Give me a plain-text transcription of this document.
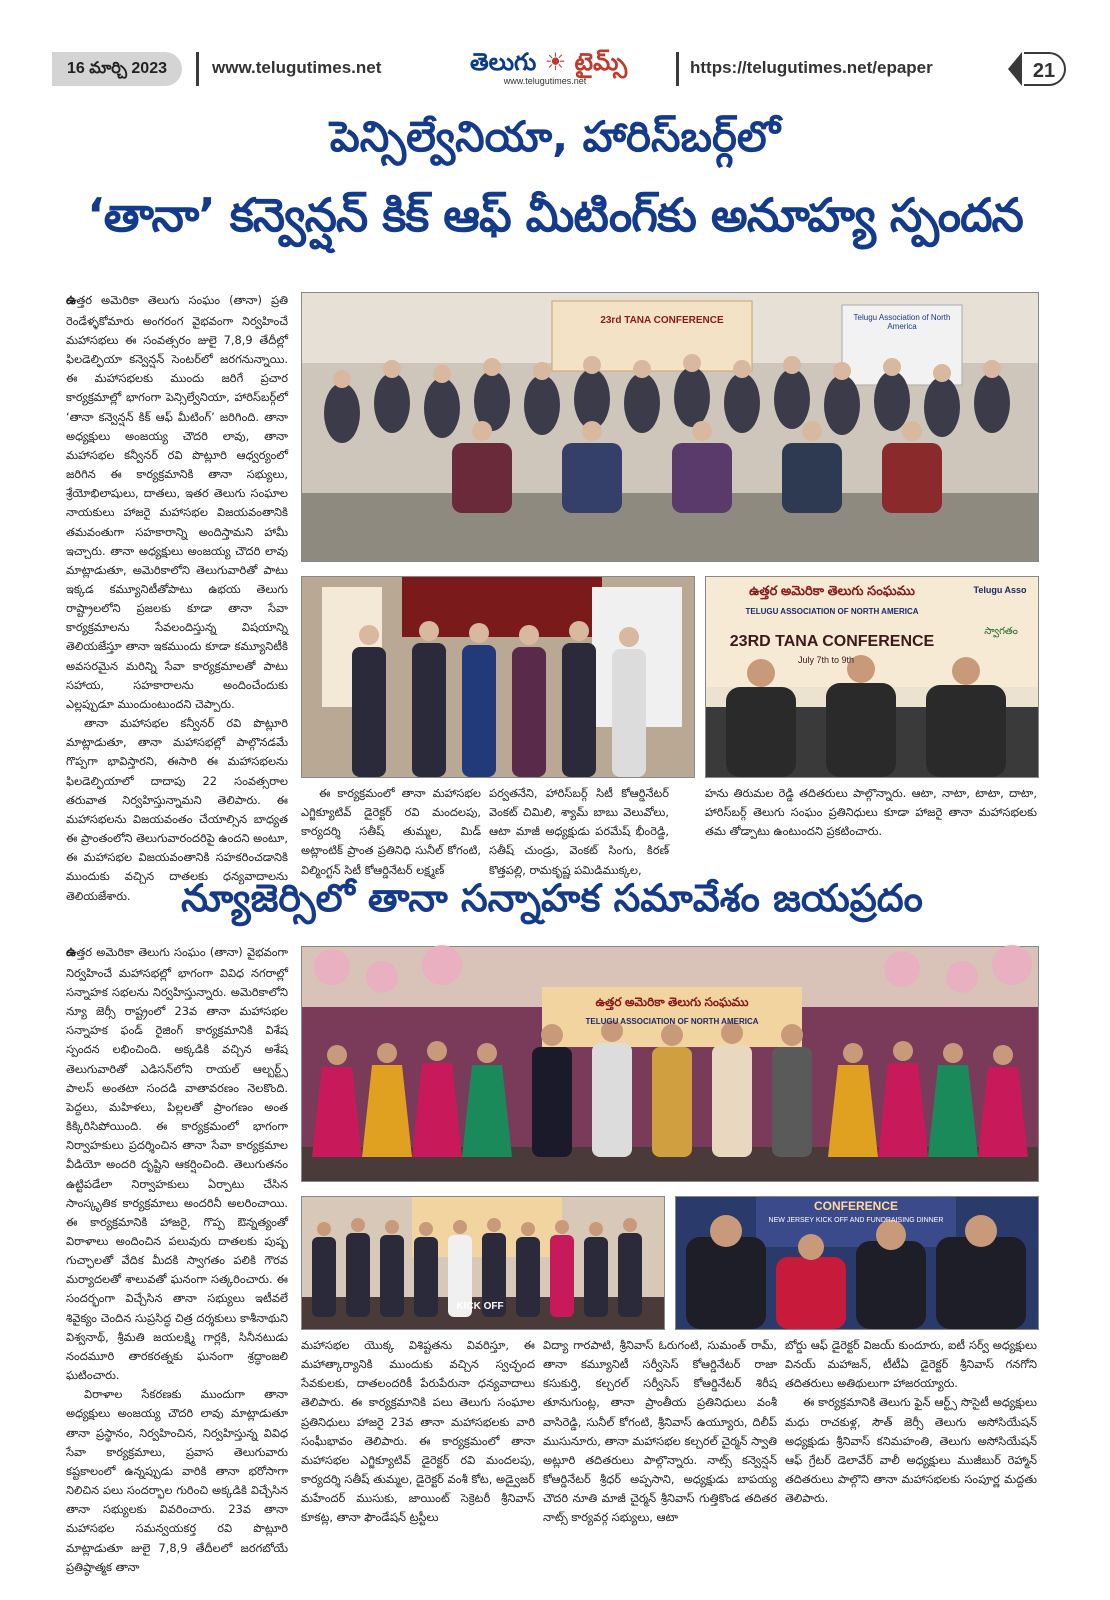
16 మార్చి 2023	www.telugutimes.net	తెలుగు ☀ టైమ్స్
www.telugutimes.net
https://telugutimes.net/epaper	21
పెన్సిల్వేనియా, హారిస్‌బర్గ్‌లో
‘తానా’ కన్వెన్షన్‌ కిక్‌ ఆఫ్‌ మీటింగ్‌కు అనూహ్య స్పందన

ఉత్తర అమెరికా తెలుగు సంఘం (తానా) ప్రతి రెండేళ్ళకోమారు అంగరంగ వైభవంగా నిర్వహించే మహాసభలు ఈ సంవత్సరం జులై 7,8,9 తేదీల్లో ఫిలడెల్ఫియా కన్వెన్షన్‌ సెంటర్‌లో జరగనున్నాయి. ఈ మహాసభలకు ముందు జరిగే ప్రచార కార్యక్రమాల్లో భాగంగా పెన్సిల్వేనియా, హారిస్‌బర్గ్‌లో ‘తానా కన్వెన్షన్‌ కిక్‌ ఆఫ్‌ మీటింగ్‌’ జరిగింది. తానా అధ్యక్షులు అంజయ్య చౌదరి లావు, తానా మహాసభల కన్వీనర్‌ రవి పొట్లూరి ఆధ్వర్యంలో జరిగిన ఈ కార్యక్రమానికి తానా సభ్యులు, శ్రేయోభిలాషులు, దాతలు, ఇతర తెలుగు సంఘాల నాయకులు హాజరై మహాసభల విజయవంతానికి తమవంతుగా సహకారాన్ని అందిస్తామని హామీ ఇచ్చారు. తానా అధ్యక్షులు అంజయ్య చౌదరి లావు మాట్లాడుతూ, అమెరికాలోని తెలుగువారితో పాటు ఇక్కడ కమ్యూనిటీతోపాటు ఉభయ తెలుగు రాష్ట్రాలలోని ప్రజలకు కూడా తానా సేవా కార్యక్రమాలను సేవలందిస్తున్న విషయాన్ని తెలియజేస్తూ తానా ఇకముందు కూడా కమ్యూనిటీకి అవసరమైన మరిన్ని సేవా కార్యక్రమాలతో పాటు సహాయ, సహకారాలను అందించేందుకు ఎల్లప్పుడూ ముందుంటుందని చెప్పారు.

తానా మహాసభల కన్వీనర్‌ రవి పొట్లూరి మాట్లాడుతూ, తానా మహాసభల్లో పాల్గొనడమే గొప్పగా భావిస్తారని, ఈసారి ఈ మహాసభలను ఫిలడెల్ఫియాలో దాదాపు 22 సంవత్సరాల తరువాత నిర్వహిస్తున్నామని తెలిపారు. ఈ మహాసభలను విజయవంతం చేయాల్సిన బాధ్యత ఈ ప్రాంతంలోని తెలుగువారందరిపై ఉందని అంటూ, ఈ మహాసభల విజయవంతానికి సహకరించడానికి ముందుకు వచ్చిన దాతలకు ధన్యవాదాలను తెలియజేశారు.

23rd TANA CONFERENCE	Telugu Association of North America
ఉత్తర అమెరికా తెలుగు సంఘము
TELUGU ASSOCIATION OF NORTH AMERICA
23RD TANA CONFERENCE
July 7th to 9th
Telugu Asso
స్వాగతం

ఈ కార్యక్రమంలో తానా మహాసభల ఎగ్జిక్యూటివ్‌ డైరెక్టర్‌ రవి మందలపు, కార్యదర్శి సతీష్‌ తుమ్మల, మిడ్‌ అట్లాంటిక్‌ ప్రాంత ప్రతినిధి సునీల్‌ కోగంటి, విల్మింగ్టన్‌ సిటీ కోఆర్డినేటర్‌ లక్ష్మణ్‌

పర్వతనేని, హారిస్‌బర్గ్‌ సిటీ కోఆర్డినేటర్‌ వెంకట్‌ చిమిలి, శ్యామ్‌ బాబు వెలువోలు, ఆటా మాజీ అధ్యక్షుడు పరమేష్‌ భీంరెడ్డి, సతీష్‌ చుండ్రు, వెంకట్‌ సింగు, కిరణ్‌ కొత్తపల్లి, రామకృష్ణ పమిడిముక్కల,

హను తిరుమల రెడ్డి తదితరులు పాల్గొన్నారు. ఆటా, నాటా, టాటా, దాటా, హారిస్‌బర్గ్‌ తెలుగు సంఘం ప్రతినిధులు కూడా హాజరై తానా మహాసభలకు తమ తోడ్పాటు ఉంటుందని ప్రకటించారు.

న్యూజెర్సిలో తానా సన్నాహక సమావేశం జయప్రదం

ఉత్తర అమెరికా తెలుగు సంఘం (తానా) వైభవంగా నిర్వహించే మహాసభల్లో భాగంగా వివిధ నగరాల్లో సన్నాహక సభలను నిర్వహిస్తున్నారు. అమెరికాలోని న్యూ జెర్సీ రాష్ట్రంలో 23వ తానా మహాసభల సన్నాహక ఫండ్‌ రైజింగ్‌ కార్యక్రమానికి విశేష స్పందన లభించింది. అక్కడికి వచ్చిన అశేష తెలుగువారితో ఎడిసన్‌లోని రాయల్‌ ఆల్బర్ట్స్‌ పాలస్‌ అంతటా సందడి వాతావరణం నెలకొంది. పెద్దలు, మహిళలు, పిల్లలతో ప్రాంగణం అంత కిక్కిరిసిపోయింది. ఈ కార్యక్రమంలో భాగంగా నిర్వాహకులు ప్రదర్శించిన తానా సేవా కార్యక్రమాల వీడియో అందరి దృష్టిని ఆకర్షించింది. తెలుగుతనం ఉట్టిపడేలా నిర్వాహకులు ఏర్పాటు చేసిన సాంస్కృతిక కార్యక్రమాలు అందరినీ అలరించాయి. ఈ కార్యక్రమానికి హాజరై, గొప్ప ఔన్నత్యంతో విరాళాలు అందించిన పలువురు దాతలకు పుష్ప గుచ్ఛాలతో వేదిక మీదకి స్వాగతం పలికి గౌరవ మర్యాదలతో శాలువతో ఘనంగా సత్కరించారు. ఈ సందర్భంగా విచ్చేసిన తానా సభ్యులు ఇటీవలే శివైక్యం చెందిన సుప్రసిద్ధ చిత్ర దర్శకులు కాశీనాథుని విశ్వనాథ్‌, శ్రీమతి జయలక్ష్మి గార్లకి, సినీనటుడు నందమూరి తారకరత్నకు ఘనంగా శ్రద్ధాంజలి ఘటించారు.

విరాళాల సేకరణకు ముందుగా తానా అధ్యక్షులు అంజయ్య చౌదరి లావు మాట్లాడుతూ తానా ప్రస్థానం, నిర్వహించిన, నిర్వహిస్తున్న వివిధ సేవా కార్యక్రమాలు, ప్రవాస తెలుగువారు కష్టకాలంలో ఉన్నప్పుడు వారికి తానా భరోసాగా నిలిచిన పలు సందర్భాల గురించి అక్కడికి విచ్చేసిన తానా సభ్యులకు వివరించారు. 23వ తానా మహాసభల సమన్వయకర్త రవి పొట్లూరి మాట్లాడుతూ జులై 7,8,9 తేదీలలో జరగబోయే ప్రతిష్ఠాత్మక తానా

ఉత్తర అమెరికా తెలుగు సంఘము
TELUGU ASSOCIATION OF NORTH AMERICA
KICK OFF
CONFERENCE
NEW JERSEY KICK OFF AND FUNDRAISING DINNER

మహాసభల యొక్క విశిష్టతను వివరిస్తూ, ఈ మహాత్కార్యానికి ముందుకు వచ్చిన స్వచ్ఛంద సేవకులకు, దాతలందరికీ పేరుపేరునా ధన్యవాదాలు తెలిపారు. ఈ కార్యక్రమానికి పలు తెలుగు సంఘాల ప్రతినిధులు హాజరై 23వ తానా మహాసభలకు వారి సంఘీభావం తెలిపారు. ఈ కార్యక్రమంలో తానా మహాసభల ఎగ్జిక్యూటివ్‌ డైరెక్టర్‌ రవి మందలపు, కార్యదర్శి సతీష్‌ తుమ్మల, డైరెక్టర్‌ వంశీ కోట, అడ్వైజర్‌ మహేందర్‌ ముసుకు, జాయింట్‌ సెక్రెటరీ శ్రీనివాస్‌ కూకట్ల, తానా ఫౌండేషన్‌ ట్రస్టీలు

విద్యా గారపాటి, శ్రీనివాస్‌ ఓరుగంటి, సుమంత్‌ రామ్‌, తానా కమ్యూనిటీ సర్వీసెస్‌ కోఆర్డినేటర్‌ రాజా కసుకుర్తి, కల్చరల్‌ సర్వీసెస్‌ కోఆర్డినేటర్‌ శిరీష తూనుగుంట్ల, తానా ప్రాంతీయ ప్రతినిధులు వంశీ వాసిరెడ్డి, సునీల్‌ కోగంటి, శ్రీనివాస్‌ ఉయ్యూరు, దిలీప్‌ ముసునూరు, తానా మహాసభల కల్చరల్‌ చైర్మన్‌ స్వాతి అట్లూరి తదితరులు పాల్గొన్నారు. నాట్స్‌ కన్వెన్షన్‌ కోఆర్డినేటర్‌ శ్రీధర్‌ అప్పసాని, అధ్యక్షుడు బాపయ్య చౌదరి నూతి మాజీ చైర్మన్‌ శ్రీనివాస్‌ గుత్తికొండ తదితర నాట్స్‌ కార్యవర్గ సభ్యులు, ఆటా

బోర్డు ఆఫ్‌ డైరెక్టర్‌ విజయ్‌ కుందూరు, ఐటీ సర్వ్‌ అధ్యక్షులు వినయ్‌ మహాజన్‌, టీటీఏ డైరెక్టర్‌ శ్రీనివాస్‌ గనగోని తదితరులు అతిథులుగా హాజరయ్యారు.

ఈ కార్యక్రమానికి తెలుగు ఫైన్‌ ఆర్ట్స్‌ సొసైటీ అధ్యక్షులు మధు రాచకుళ్ల, సౌత్‌ జెర్సీ తెలుగు అసోసియేషన్‌ అధ్యక్షుడు శ్రీనివాస్‌ కనిమహంతి, తెలుగు అసోసియేషన్‌ ఆఫ్‌ గ్రేటర్‌ డెలావేర్‌ వాలీ అధ్యక్షులు ముజీబుర్‌ రెహ్మాన్‌ తదితరులు పాల్గొని తానా మహాసభలకు సంపూర్ణ మద్దతు తెలిపారు.
